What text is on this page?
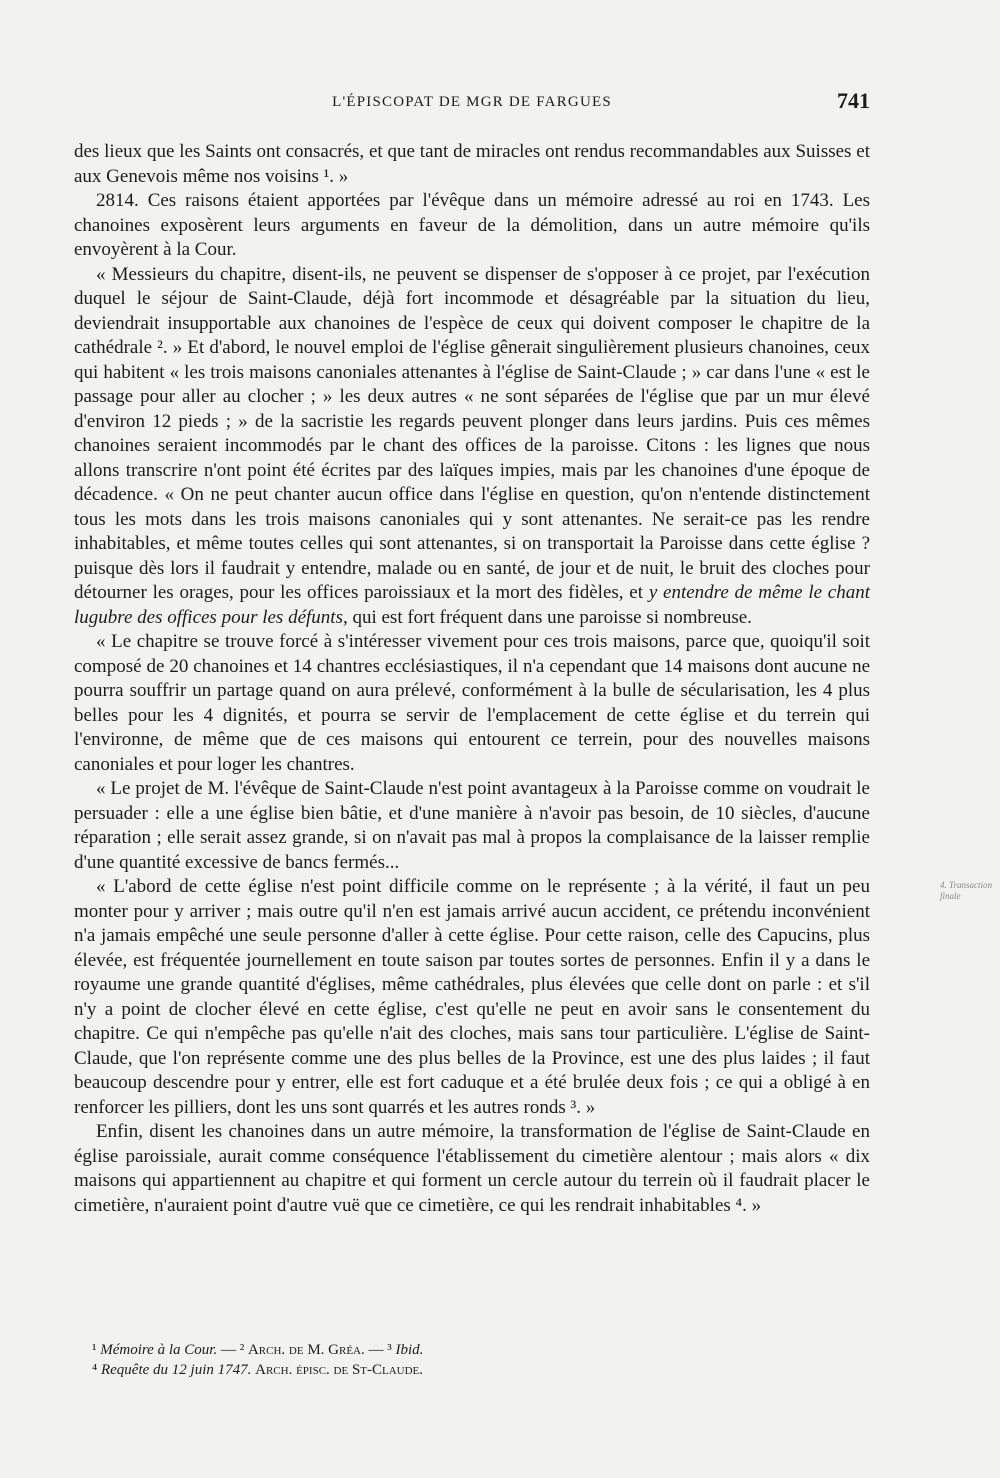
L'ÉPISCOPAT DE MGR DE FARGUES	741

des lieux que les Saints ont consacrés, et que tant de miracles ont rendus recommandables aux Suisses et aux Genevois même nos voisins ¹. »

2814. Ces raisons étaient apportées par l'évêque dans un mémoire adressé au roi en 1743. Les chanoines exposèrent leurs arguments en faveur de la démolition, dans un autre mémoire qu'ils envoyèrent à la Cour.

« Messieurs du chapitre, disent-ils, ne peuvent se dispenser de s'opposer à ce projet, par l'exécution duquel le séjour de Saint-Claude, déjà fort incommode et désagréable par la situation du lieu, deviendrait insupportable aux chanoines de l'espèce de ceux qui doivent composer le chapitre de la cathédrale ². » Et d'abord, le nouvel emploi de l'église gênerait singulièrement plusieurs chanoines, ceux qui habitent « les trois maisons canoniales attenantes à l'église de Saint-Claude ; » car dans l'une « est le passage pour aller au clocher ; » les deux autres « ne sont séparées de l'église que par un mur élevé d'environ 12 pieds ; » de la sacristie les regards peuvent plonger dans leurs jardins. Puis ces mêmes chanoines seraient incommodés par le chant des offices de la paroisse. Citons : les lignes que nous allons transcrire n'ont point été écrites par des laïques impies, mais par les chanoines d'une époque de décadence. « On ne peut chanter aucun office dans l'église en question, qu'on n'entende distinctement tous les mots dans les trois maisons canoniales qui y sont attenantes. Ne serait-ce pas les rendre inhabitables, et même toutes celles qui sont attenantes, si on transportait la Paroisse dans cette église ? puisque dès lors il faudrait y entendre, malade ou en santé, de jour et de nuit, le bruit des cloches pour détourner les orages, pour les offices paroissiaux et la mort des fidèles, et y entendre de même le chant lugubre des offices pour les défunts, qui est fort fréquent dans une paroisse si nombreuse.

« Le chapitre se trouve forcé à s'intéresser vivement pour ces trois maisons, parce que, quoiqu'il soit composé de 20 chanoines et 14 chantres ecclésiastiques, il n'a cependant que 14 maisons dont aucune ne pourra souffrir un partage quand on aura prélevé, conformément à la bulle de sécularisation, les 4 plus belles pour les 4 dignités, et pourra se servir de l'emplacement de cette église et du terrein qui l'environne, de même que de ces maisons qui entourent ce terrein, pour des nouvelles maisons canoniales et pour loger les chantres.

« Le projet de M. l'évêque de Saint-Claude n'est point avantageux à la Paroisse comme on voudrait le persuader : elle a une église bien bâtie, et d'une manière à n'avoir pas besoin, de 10 siècles, d'aucune réparation ; elle serait assez grande, si on n'avait pas mal à propos la complaisance de la laisser remplie d'une quantité excessive de bancs fermés...

« L'abord de cette église n'est point difficile comme on le représente ; à la vérité, il faut un peu monter pour y arriver ; mais outre qu'il n'en est jamais arrivé aucun accident, ce prétendu inconvénient n'a jamais empêché une seule personne d'aller à cette église. Pour cette raison, celle des Capucins, plus élevée, est fréquentée journellement en toute saison par toutes sortes de personnes. Enfin il y a dans le royaume une grande quantité d'églises, même cathédrales, plus élevées que celle dont on parle : et s'il n'y a point de clocher élevé en cette église, c'est qu'elle ne peut en avoir sans le consentement du chapitre. Ce qui n'empêche pas qu'elle n'ait des cloches, mais sans tour particulière. L'église de Saint-Claude, que l'on représente comme une des plus belles de la Province, est une des plus laides ; il faut beaucoup descendre pour y entrer, elle est fort caduque et a été brulée deux fois ; ce qui a obligé à en renforcer les pilliers, dont les uns sont quarrés et les autres ronds ³. »

Enfin, disent les chanoines dans un autre mémoire, la transformation de l'église de Saint-Claude en église paroissiale, aurait comme conséquence l'établissement du cimetière alentour ; mais alors « dix maisons qui appartiennent au chapitre et qui forment un cercle autour du terrein où il faudrait placer le cimetière, n'auraient point d'autre vuë que ce cimetière, ce qui les rendrait inhabitables ⁴. »

¹ Mémoire à la Cour. — ² Arch. de M. Gréa. — ³ Ibid.
⁴ Requête du 12 juin 1747. Arch. épisc. de St-Claude.
4. Transaction finale
